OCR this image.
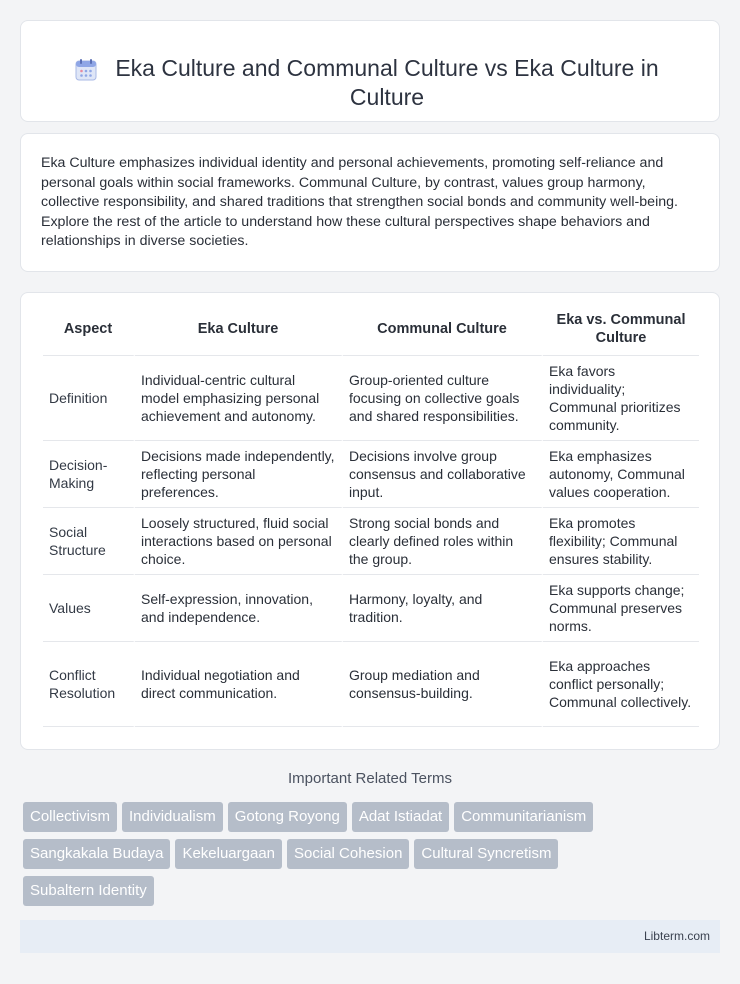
Eka Culture and Communal Culture vs Eka Culture in Culture

Eka Culture emphasizes individual identity and personal achievements, promoting self-reliance and personal goals within social frameworks. Communal Culture, by contrast, values group harmony, collective responsibility, and shared traditions that strengthen social bonds and community well-being. Explore the rest of the article to understand how these cultural perspectives shape behaviors and relationships in diverse societies.

Aspect	Eka Culture	Communal Culture	Eka vs. Communal Culture
Definition	Individual-centric cultural model emphasizing personal achievement and autonomy.	Group-oriented culture focusing on collective goals and shared responsibilities.	Eka favors individuality; Communal prioritizes community.
Decision-Making	Decisions made independently, reflecting personal preferences.	Decisions involve group consensus and collaborative input.	Eka emphasizes autonomy, Communal values cooperation.
Social Structure	Loosely structured, fluid social interactions based on personal choice.	Strong social bonds and clearly defined roles within the group.	Eka promotes flexibility; Communal ensures stability.
Values	Self-expression, innovation, and independence.	Harmony, loyalty, and tradition.	Eka supports change; Communal preserves norms.
Conflict Resolution	Individual negotiation and direct communication.	Group mediation and consensus-building.	Eka approaches conflict personally; Communal collectively.
Important Related Terms
Collectivism Individualism Gotong Royong Adat Istiadat Communitarianism
Sangkakala Budaya Kekeluargaan Social Cohesion Cultural Syncretism
Subaltern Identity
Libterm.com
